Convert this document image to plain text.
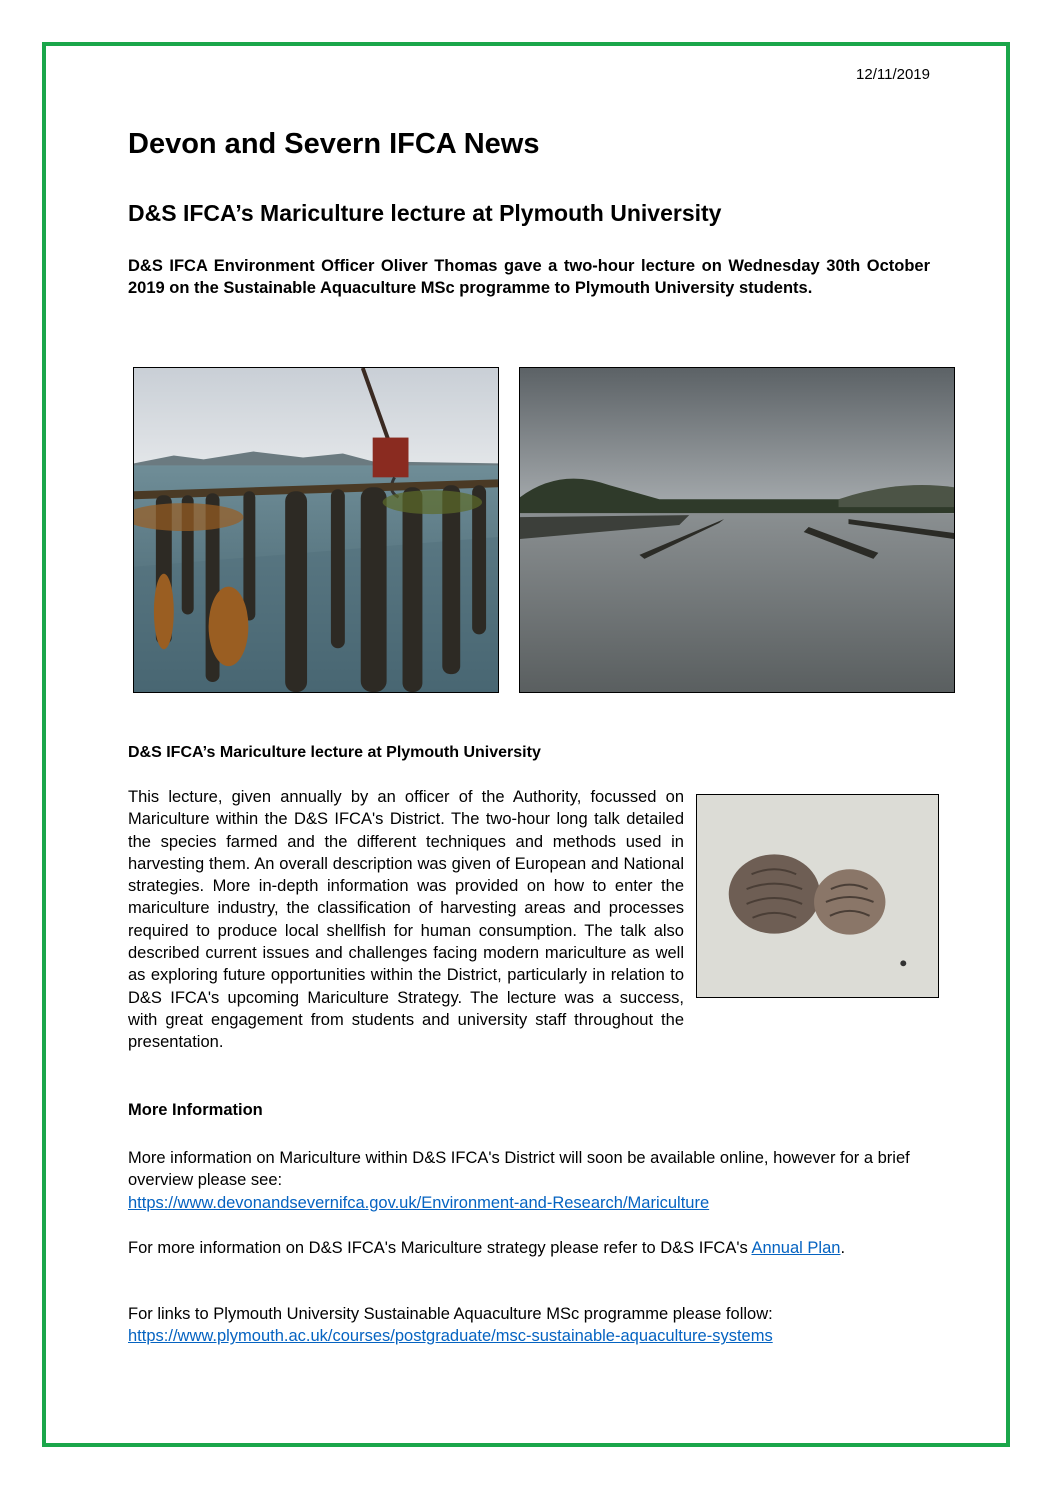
12/11/2019
Devon and Severn IFCA News
D&S IFCA’s Mariculture lecture at Plymouth University

D&S IFCA Environment Officer Oliver Thomas gave a two-hour lecture on Wednesday 30th October 2019 on the Sustainable Aquaculture MSc programme to Plymouth University students.

D&S IFCA’s Mariculture lecture at Plymouth University

This lecture, given annually by an officer of the Authority, focussed on Mariculture within the D&S IFCA's District. The two-hour long talk detailed the species farmed and the different techniques and methods used in harvesting them. An overall description was given of European and National strategies. More in-depth information was provided on how to enter the mariculture industry, the classification of harvesting areas and processes required to produce local shellfish for human consumption. The talk also described current issues and challenges facing modern mariculture as well as exploring future opportunities within the District, particularly in relation to D&S IFCA's upcoming Mariculture Strategy. The lecture was a success, with great engagement from students and university staff throughout the presentation.

More Information

More information on Mariculture within D&S IFCA's District will soon be available online, however for a brief overview please see:
https://www.devonandsevernifca.gov.uk/Environment-and-Research/Mariculture

For more information on D&S IFCA's Mariculture strategy please refer to D&S IFCA's Annual Plan.

For links to Plymouth University Sustainable Aquaculture MSc programme please follow:
https://www.plymouth.ac.uk/courses/postgraduate/msc-sustainable-aquaculture-systems
